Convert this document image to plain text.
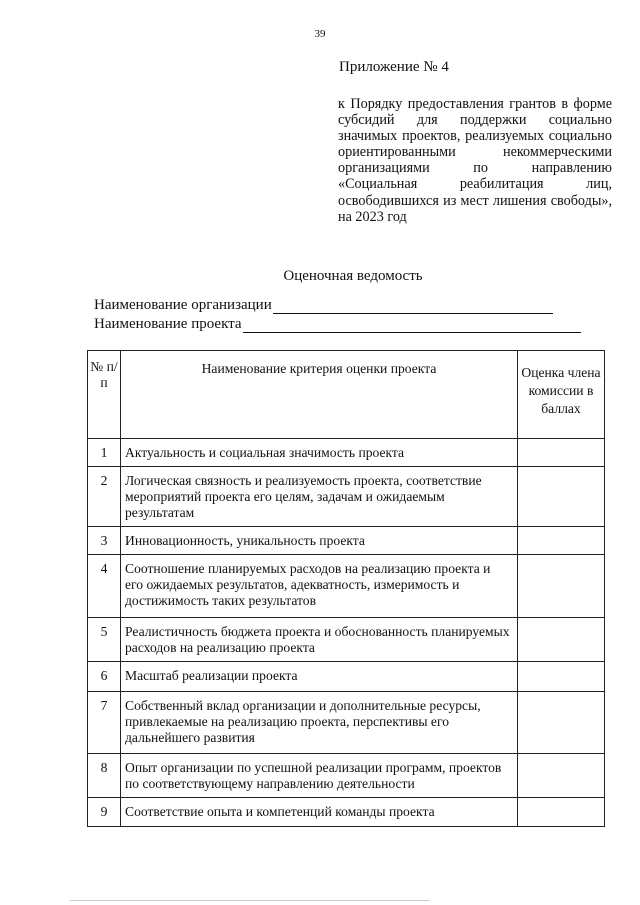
39
Приложение № 4
к Порядку предоставления грантов в форме субсидий для поддержки социально значимых проектов, реализуемых социально ориентированными некоммерческими организациями по направлению «Социальная реабилитация лиц, освободившихся из мест лишения свободы», на 2023 год
Оценочная ведомость
Наименование организации
Наименование проекта
№ п/п	Наименование критерия оценки проекта	Оценка члена комиссии в баллах
1	Актуальность и социальная значимость проекта	
2	Логическая связность и реализуемость проекта, соответствие мероприятий проекта его целям, задачам и ожидаемым результатам	
3	Инновационность, уникальность проекта	
4	Соотношение планируемых расходов на реализацию проекта и его ожидаемых результатов, адекватность, измеримость и достижимость таких результатов	
5	Реалистичность бюджета проекта и обоснованность планируемых расходов на реализацию проекта	
6	Масштаб реализации проекта	
7	Собственный вклад организации и дополнительные ресурсы, привлекаемые на реализацию проекта, перспективы его дальнейшего развития	
8	Опыт организации по успешной реализации программ, проектов по соответствующему направлению деятельности	
9	Соответствие опыта и компетенций команды проекта	
